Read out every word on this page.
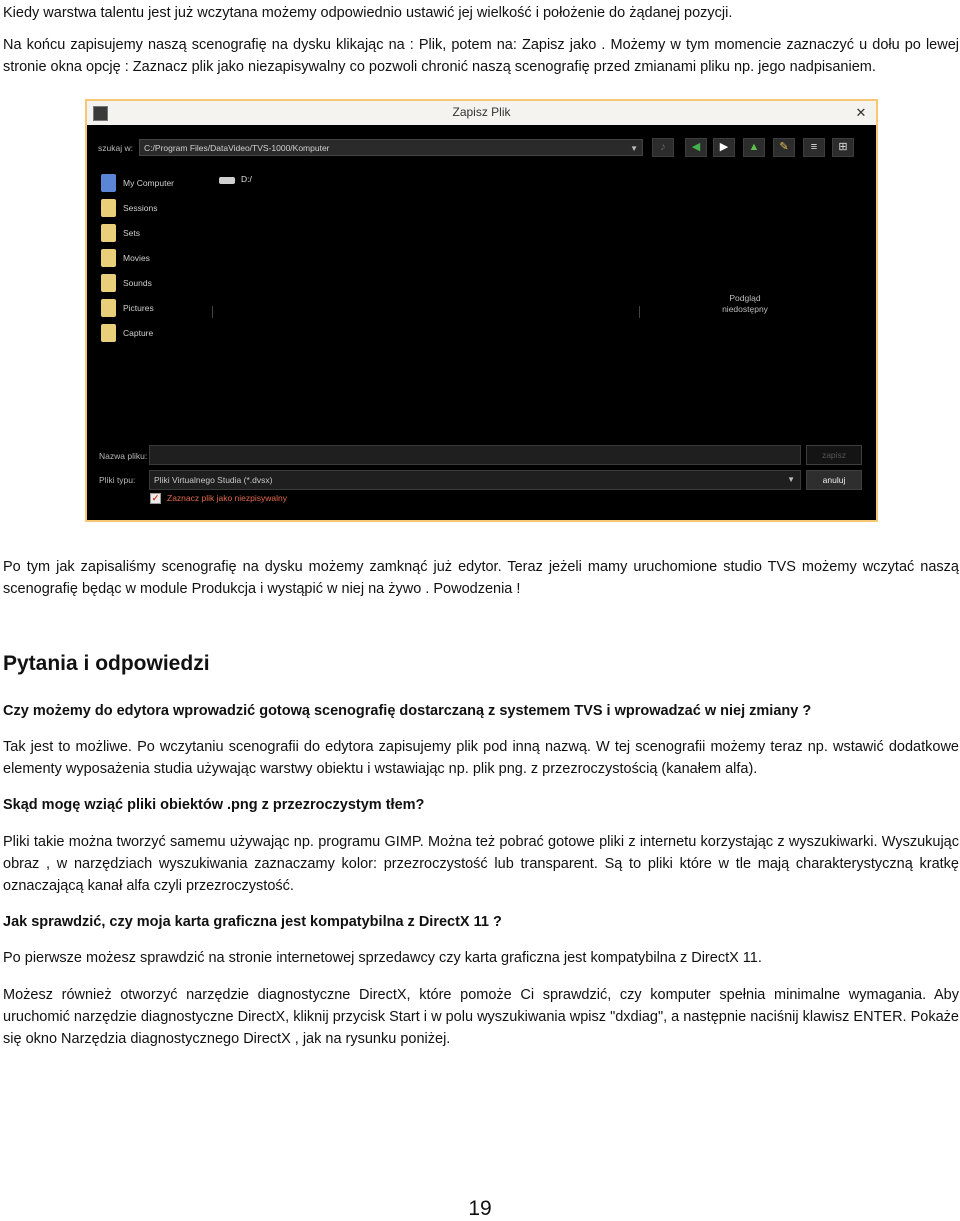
Kiedy warstwa talentu jest już wczytana możemy odpowiednio ustawić jej wielkość i położenie do żądanej pozycji.

Na końcu zapisujemy naszą scenografię na dysku klikając na : Plik, potem na: Zapisz jako . Możemy w tym momencie zaznaczyć u dołu po lewej stronie okna opcję : Zaznacz plik jako niezapisywalny co pozwoli chronić naszą scenografię przed zmianami pliku np. jego nadpisaniem.

Zapisz Plik	✕
szukaj w:	C:/Program Files/DataVideo/TVS-1000/Komputer	▼	♪	◀	▶	▲	✎	≡	⊞
My Computer
Sessions
Sets
Movies
Sounds
Pictures
Capture
D:/
Podgląd
niedostępny
Nazwa pliku:	zapisz
Pliki typu:	Pliki Virtualnego Studia (*.dvsx)	▼	anuluj
✓ Zaznacz plik jako niezpisywalny

Po tym jak zapisaliśmy scenografię na dysku możemy zamknąć już edytor. Teraz jeżeli mamy uruchomione studio TVS możemy wczytać naszą scenografię będąc w module Produkcja i wystąpić w niej na żywo . Powodzenia !

Pytania i odpowiedzi

Czy możemy do edytora wprowadzić gotową scenografię dostarczaną z systemem TVS i wprowadzać w niej zmiany ?

Tak jest to możliwe. Po wczytaniu scenografii do edytora zapisujemy plik pod inną nazwą. W tej scenografii możemy teraz np. wstawić dodatkowe elementy wyposażenia studia używając warstwy obiektu i wstawiając np. plik png. z przezroczystością (kanałem alfa).

Skąd mogę wziąć pliki obiektów .png z przezroczystym tłem?

Pliki takie można tworzyć samemu używając np. programu GIMP. Można też pobrać gotowe pliki z internetu korzystając z wyszukiwarki. Wyszukując obraz , w narzędziach wyszukiwania zaznaczamy kolor: przezroczystość lub transparent. Są to pliki które w tle mają charakterystyczną kratkę oznaczającą kanał alfa czyli przezroczystość.

Jak sprawdzić, czy moja karta graficzna jest kompatybilna z DirectX 11 ?

Po pierwsze możesz sprawdzić na stronie internetowej sprzedawcy czy karta graficzna jest kompatybilna z DirectX 11.

Możesz również otworzyć narzędzie diagnostyczne DirectX, które pomoże Ci sprawdzić, czy komputer spełnia minimalne wymagania. Aby uruchomić narzędzie diagnostyczne DirectX, kliknij przycisk Start i w polu wyszukiwania wpisz "dxdiag", a następnie naciśnij klawisz ENTER. Pokaże się okno Narzędzia diagnostycznego DirectX , jak na rysunku poniżej.

19
